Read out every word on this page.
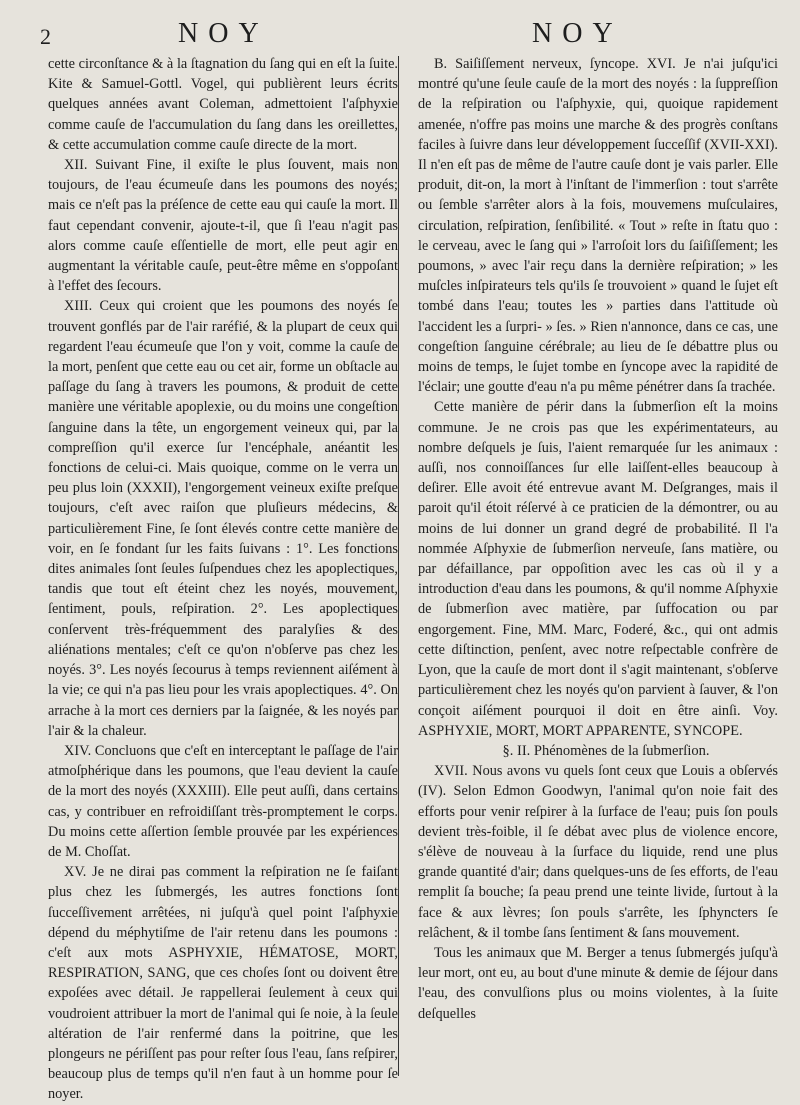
2	NOY	NOY

cette circonſtance & à la ſtagnation du ſang qui en eſt la ſuite. Kite & Samuel-Gottl. Vogel, qui publièrent leurs écrits quelques années avant Coleman, admettoient l'aſphyxie comme cauſe de l'accumulation du ſang dans les oreillettes, & cette accumulation comme cauſe directe de la mort.

XII. Suivant Fine, il exiſte le plus ſouvent, mais non toujours, de l'eau écumeuſe dans les poumons des noyés; mais ce n'eſt pas la préſence de cette eau qui cauſe la mort. Il faut cependant convenir, ajoute-t-il, que ſi l'eau n'agit pas alors comme cauſe eſſentielle de mort, elle peut agir en augmentant la véritable cauſe, peut-être même en s'oppoſant à l'effet des ſecours.

XIII. Ceux qui croient que les poumons des noyés ſe trouvent gonflés par de l'air raréfié, & la plupart de ceux qui regardent l'eau écumeuſe que l'on y voit, comme la cauſe de la mort, penſent que cette eau ou cet air, forme un obſtacle au paſſage du ſang à travers les poumons, & produit de cette manière une véritable apoplexie, ou du moins une congeſtion ſanguine dans la tête, un engorgement veineux qui, par la compreſſion qu'il exerce ſur l'encéphale, anéantit les fonctions de celui-ci. Mais quoique, comme on le verra un peu plus loin (XXXII), l'engorgement veineux exiſte preſque toujours, c'eſt avec raiſon que pluſieurs médecins, & particulièrement Fine, ſe ſont élevés contre cette manière de voir, en ſe fondant ſur les faits ſuivans : 1°. Les fonctions dites animales ſont ſeules ſuſpendues chez les apoplectiques, tandis que tout eſt éteint chez les noyés, mouvement, ſentiment, pouls, reſpiration. 2°. Les apoplectiques conſervent très-fréquemment des paralyſies & des aliénations mentales; c'eſt ce qu'on n'obſerve pas chez les noyés. 3°. Les noyés ſecourus à temps reviennent aiſément à la vie; ce qui n'a pas lieu pour les vrais apoplectiques. 4°. On arrache à la mort ces derniers par la ſaignée, & les noyés par l'air & la chaleur.

XIV. Concluons que c'eſt en interceptant le paſſage de l'air atmoſphérique dans les poumons, que l'eau devient la cauſe de la mort des noyés (XXXIII). Elle peut auſſi, dans certains cas, y contribuer en refroidiſſant très-promptement le corps. Du moins cette aſſertion ſemble prouvée par les expériences de M. Choſſat.

XV. Je ne dirai pas comment la reſpiration ne ſe faiſant plus chez les ſubmergés, les autres fonctions ſont ſucceſſivement arrêtées, ni juſqu'à quel point l'aſphyxie dépend du méphytiſme de l'air retenu dans les poumons : c'eſt aux mots ASPHYXIE, HÉMATOSE, MORT, RESPIRATION, SANG, que ces choſes ſont ou doivent être expoſées avec détail. Je rappellerai ſeulement à ceux qui voudroient attribuer la mort de l'animal qui ſe noie, à la ſeule altération de l'air renfermé dans la poitrine, que les plongeurs ne périſſent pas pour reſter ſous l'eau, ſans reſpirer, beaucoup plus de temps qu'il n'en faut à un homme pour ſe noyer.

B. Saiſiſſement nerveux, ſyncope. XVI. Je n'ai juſqu'ici montré qu'une ſeule cauſe de la mort des noyés : la ſuppreſſion de la reſpiration ou l'aſphyxie, qui, quoique rapidement amenée, n'offre pas moins une marche & des progrès conſtans faciles à ſuivre dans leur développement ſucceſſif (XVII-XXI). Il n'en eſt pas de même de l'autre cauſe dont je vais parler. Elle produit, dit-on, la mort à l'inſtant de l'immerſion : tout s'arrête ou ſemble s'arrêter alors à la fois, mouvemens muſculaires, circulation, reſpiration, ſenſibilité. « Tout » reſte in ſtatu quo : le cerveau, avec le ſang qui » l'arroſoit lors du ſaiſiſſement; les poumons, » avec l'air reçu dans la dernière reſpiration; » les muſcles inſpirateurs tels qu'ils ſe trouvoient » quand le ſujet eſt tombé dans l'eau; toutes les » parties dans l'attitude où l'accident les a ſurpri- » ſes. » Rien n'annonce, dans ce cas, une congeſtion ſanguine cérébrale; au lieu de ſe débattre plus ou moins de temps, le ſujet tombe en ſyncope avec la rapidité de l'éclair; une goutte d'eau n'a pu même pénétrer dans ſa trachée.

Cette manière de périr dans la ſubmerſion eſt la moins commune. Je ne crois pas que les expérimentateurs, au nombre deſquels je ſuis, l'aient remarquée ſur les animaux : auſſi, nos connoiſſances ſur elle laiſſent-elles beaucoup à deſirer. Elle avoit été entrevue avant M. Deſgranges, mais il paroit qu'il étoit réſervé à ce praticien de la démontrer, ou au moins de lui donner un grand degré de probabilité. Il l'a nommée Aſphyxie de ſubmerſion nerveuſe, ſans matière, ou par défaillance, par oppoſition avec les cas où il y a introduction d'eau dans les poumons, & qu'il nomme Aſphyxie de ſubmerſion avec matière, par ſuffocation ou par engorgement. Fine, MM. Marc, Foderé, &c., qui ont admis cette diſtinction, penſent, avec notre reſpectable confrère de Lyon, que la cauſe de mort dont il s'agit maintenant, s'obſerve particulièrement chez les noyés qu'on parvient à ſauver, & l'on conçoit aiſément pourquoi il doit en être ainſi. Voy. ASPHYXIE, MORT, MORT APPARENTE, SYNCOPE.

§. II. Phénomènes de la ſubmerſion.

XVII. Nous avons vu quels ſont ceux que Louis a obſervés (IV). Selon Edmon Goodwyn, l'animal qu'on noie fait des efforts pour venir reſpirer à la ſurface de l'eau; puis ſon pouls devient très-foible, il ſe débat avec plus de violence encore, s'élève de nouveau à la ſurface du liquide, rend une plus grande quantité d'air; dans quelques-uns de ſes efforts, de l'eau remplit ſa bouche; ſa peau prend une teinte livide, ſurtout à la face & aux lèvres; ſon pouls s'arrête, les ſphyncters ſe relâchent, & il tombe ſans ſentiment & ſans mouvement.

Tous les animaux que M. Berger a tenus ſubmergés juſqu'à leur mort, ont eu, au bout d'une minute & demie de ſéjour dans l'eau, des convulſions plus ou moins violentes, à la ſuite deſquelles
